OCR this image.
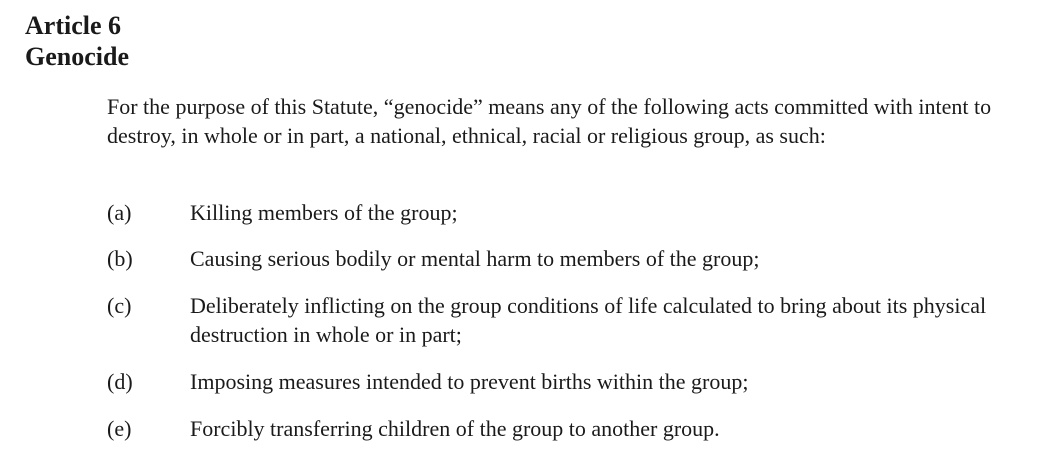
Article 6
Genocide

For the purpose of this Statute, “genocide” means any of the following acts committed with intent to destroy, in whole or in part, a national, ethnical, racial or religious group, as such:

(a)	Killing members of the group;
(b)	Causing serious bodily or mental harm to members of the group;
(c)	Deliberately inflicting on the group conditions of life calculated to bring about its physical destruction in whole or in part;
(d)	Imposing measures intended to prevent births within the group;
(e)	Forcibly transferring children of the group to another group.
